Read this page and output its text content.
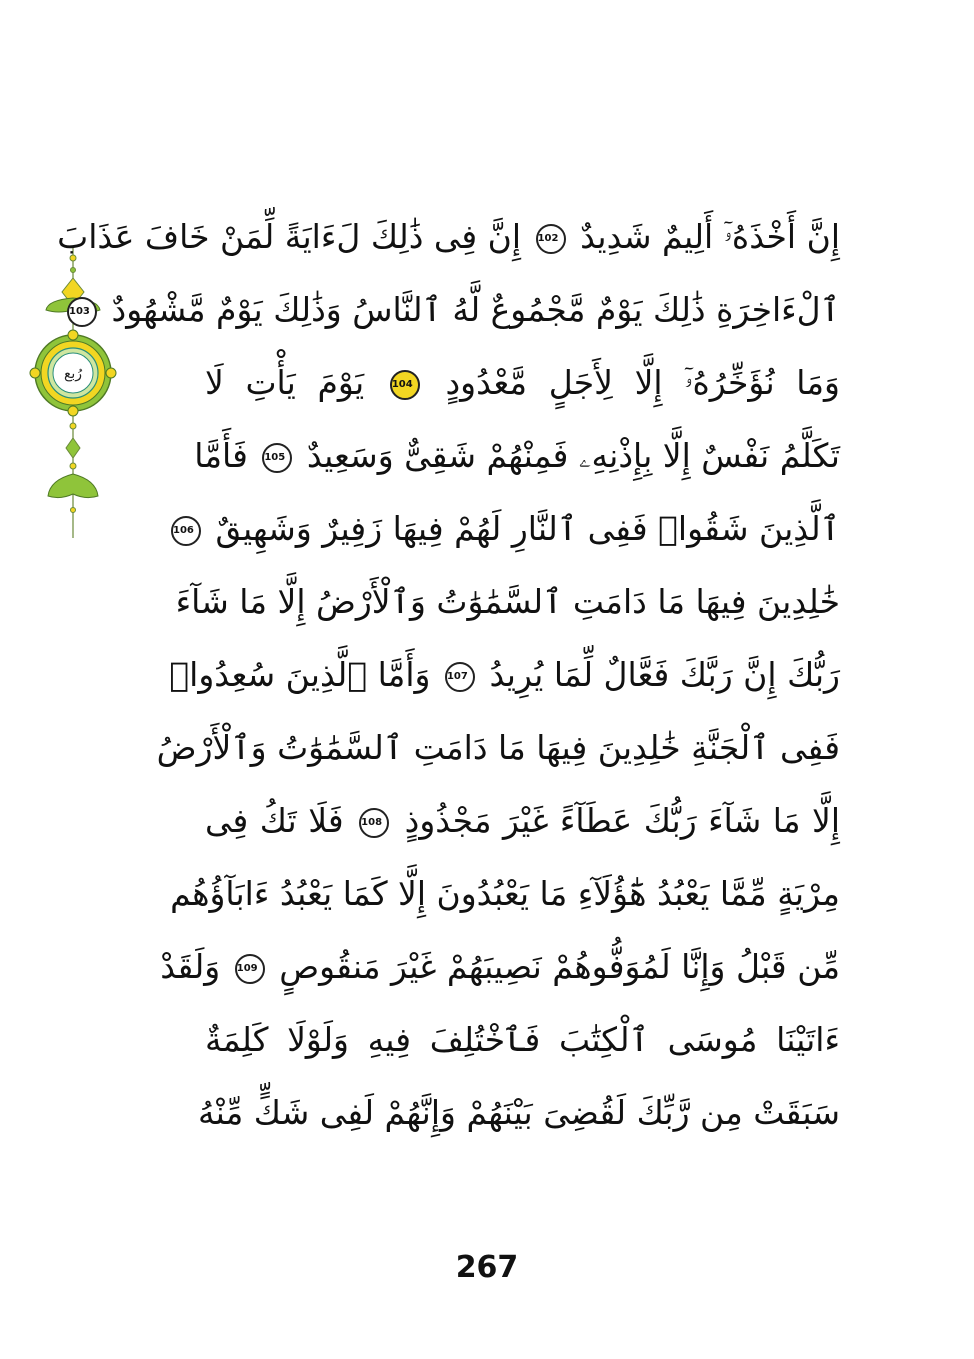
رُبع
إِنَّ أَخْذَهُۥٓ أَلِيمٌ شَدِيدٌ 102 إِنَّ فِى ذَٰلِكَ لَءَايَةً لِّمَنْ خَافَ عَذَابَ
ٱلْءَاخِرَةِ ذَٰلِكَ يَوْمٌ مَّجْمُوعٌ لَّهُ ٱلنَّاسُ وَذَٰلِكَ يَوْمٌ مَّشْهُودٌ 103
وَمَا نُؤَخِّرُهُۥٓ إِلَّا لِأَجَلٍ مَّعْدُودٍ 104 يَوْمَ يَأْتِ لَا
تَكَلَّمُ نَفْسٌ إِلَّا بِإِذْنِهِۦ فَمِنْهُمْ شَقِىٌّ وَسَعِيدٌ 105 فَأَمَّا
ٱلَّذِينَ شَقُوا۟ فَفِى ٱلنَّارِ لَهُمْ فِيهَا زَفِيرٌ وَشَهِيقٌ 106
خَٰلِدِينَ فِيهَا مَا دَامَتِ ٱلسَّمَٰوَٰتُ وَٱلْأَرْضُ إِلَّا مَا شَآءَ
رَبُّكَ إِنَّ رَبَّكَ فَعَّالٌ لِّمَا يُرِيدُ 107 وَأَمَّا ٱلَّذِينَ سُعِدُوا۟
فَفِى ٱلْجَنَّةِ خَٰلِدِينَ فِيهَا مَا دَامَتِ ٱلسَّمَٰوَٰتُ وَٱلْأَرْضُ
إِلَّا مَا شَآءَ رَبُّكَ عَطَآءً غَيْرَ مَجْذُوذٍ 108 فَلَا تَكُ فِى
مِرْيَةٍ مِّمَّا يَعْبُدُ هَٰٓؤُلَآءِ مَا يَعْبُدُونَ إِلَّا كَمَا يَعْبُدُ ءَابَآؤُهُم
مِّن قَبْلُ وَإِنَّا لَمُوَفُّوهُمْ نَصِيبَهُمْ غَيْرَ مَنقُوصٍ 109 وَلَقَدْ
ءَاتَيْنَا مُوسَى ٱلْكِتَٰبَ فَٱخْتُلِفَ فِيهِ وَلَوْلَا كَلِمَةٌ
سَبَقَتْ مِن رَّبِّكَ لَقُضِىَ بَيْنَهُمْ وَإِنَّهُمْ لَفِى شَكٍّ مِّنْهُ
267
